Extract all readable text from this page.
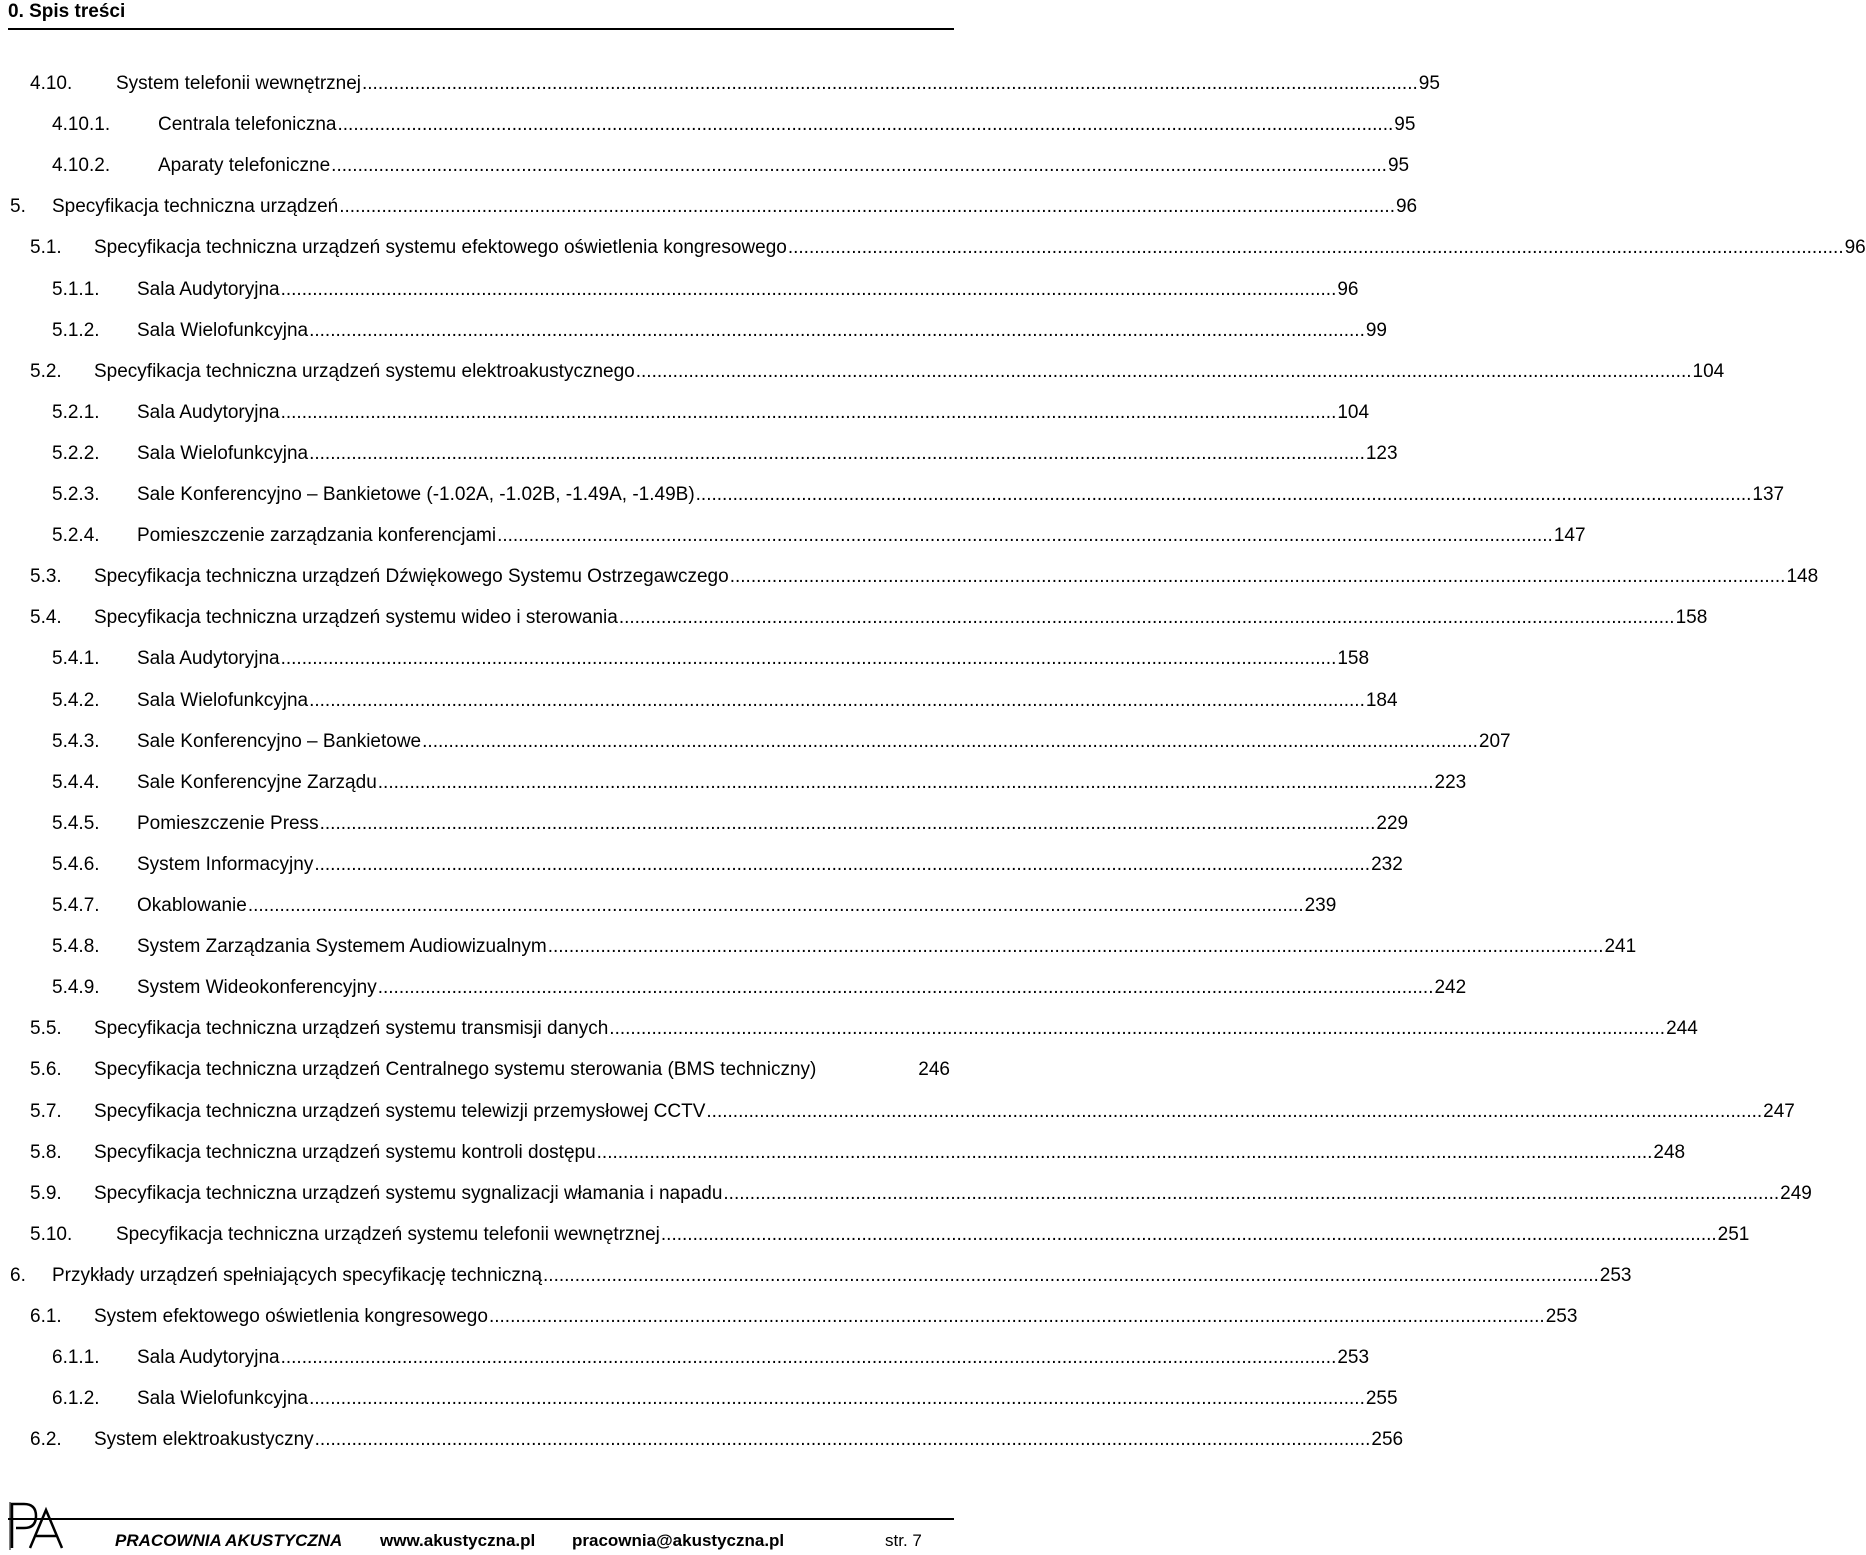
0. Spis treści
4.10. System telefonii wewnętrznej ........................................................................................................................................................................................................ 95
4.10.1.	Centrala telefoniczna ........................................................................................................................................................................................................ 95
4.10.2.	Aparaty telefoniczne ........................................................................................................................................................................................................ 95
5. Specyfikacja techniczna urządzeń ........................................................................................................................................................................................................ 96
5.1. Specyfikacja techniczna urządzeń systemu efektowego oświetlenia kongresowego ........................................................................................................................................................................................................ 96
5.1.1. Sala Audytoryjna ........................................................................................................................................................................................................ 96
5.1.2. Sala Wielofunkcyjna ........................................................................................................................................................................................................ 99
5.2. Specyfikacja techniczna urządzeń systemu elektroakustycznego ........................................................................................................................................................................................................ 104
5.2.1. Sala Audytoryjna ........................................................................................................................................................................................................ 104
5.2.2. Sala Wielofunkcyjna ........................................................................................................................................................................................................ 123
5.2.3. Sale Konferencyjno – Bankietowe (-1.02A, -1.02B, -1.49A, -1.49B) ........................................................................................................................................................................................................ 137
5.2.4. Pomieszczenie zarządzania konferencjami ........................................................................................................................................................................................................ 147
5.3. Specyfikacja techniczna urządzeń Dźwiękowego Systemu Ostrzegawczego ........................................................................................................................................................................................................ 148
5.4. Specyfikacja techniczna urządzeń systemu wideo i sterowania ........................................................................................................................................................................................................ 158
5.4.1. Sala Audytoryjna ........................................................................................................................................................................................................ 158
5.4.2. Sala Wielofunkcyjna ........................................................................................................................................................................................................ 184
5.4.3. Sale Konferencyjno – Bankietowe ........................................................................................................................................................................................................ 207
5.4.4. Sale Konferencyjne Zarządu ........................................................................................................................................................................................................ 223
5.4.5. Pomieszczenie Press ........................................................................................................................................................................................................ 229
5.4.6. System Informacyjny ........................................................................................................................................................................................................ 232
5.4.7. Okablowanie ........................................................................................................................................................................................................ 239
5.4.8. System Zarządzania Systemem Audiowizualnym ........................................................................................................................................................................................................ 241
5.4.9. System Wideokonferencyjny ........................................................................................................................................................................................................ 242
5.5. Specyfikacja techniczna urządzeń systemu transmisji danych ........................................................................................................................................................................................................ 244
5.6. Specyfikacja techniczna urządzeń Centralnego systemu sterowania (BMS techniczny)	246
5.7. Specyfikacja techniczna urządzeń systemu telewizji przemysłowej CCTV ........................................................................................................................................................................................................ 247
5.8. Specyfikacja techniczna urządzeń systemu kontroli dostępu ........................................................................................................................................................................................................ 248
5.9. Specyfikacja techniczna urządzeń systemu sygnalizacji włamania i napadu ........................................................................................................................................................................................................ 249
5.10. Specyfikacja techniczna urządzeń systemu telefonii wewnętrznej ........................................................................................................................................................................................................ 251
6. Przykłady urządzeń spełniających specyfikację techniczną ........................................................................................................................................................................................................ 253
6.1. System efektowego oświetlenia kongresowego ........................................................................................................................................................................................................ 253
6.1.1. Sala Audytoryjna ........................................................................................................................................................................................................ 253
6.1.2. Sala Wielofunkcyjna ........................................................................................................................................................................................................ 255
6.2. System elektroakustyczny ........................................................................................................................................................................................................ 256
PRACOWNIA AKUSTYCZNA www.akustyczna.pl pracownia@akustyczna.pl	str. 7
